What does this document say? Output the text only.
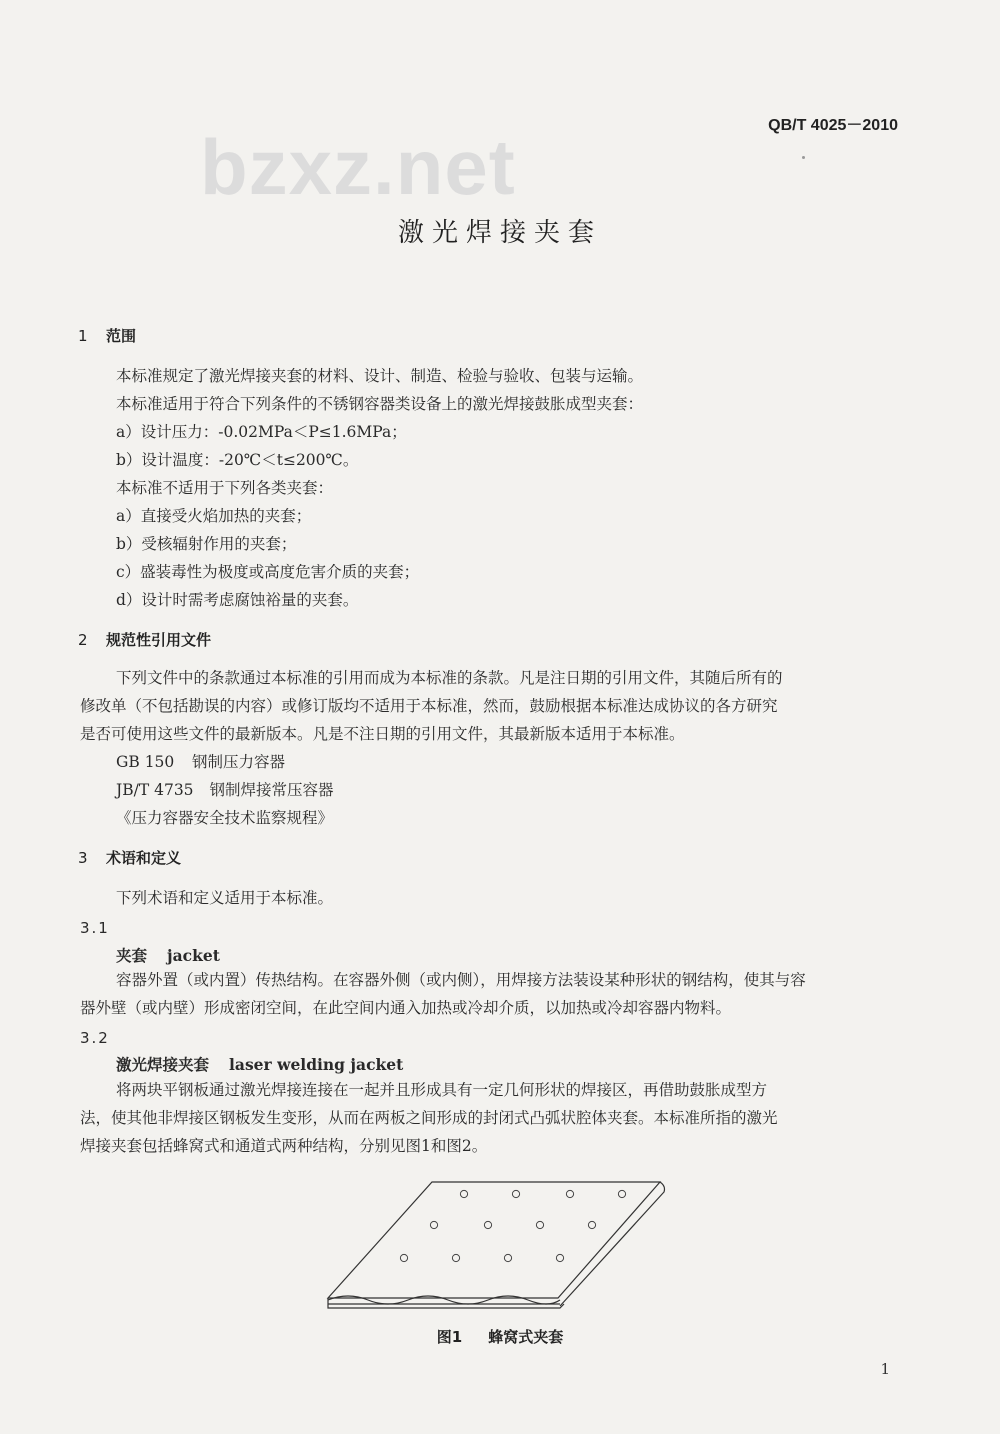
bzxz.net	QB/T 4025－2010
激光焊接夹套
1 范围
本标准规定了激光焊接夹套的材料、设计、制造、检验与验收、包装与运输。
本标准适用于符合下列条件的不锈钢容器类设备上的激光焊接鼓胀成型夹套：
a）设计压力：-0.02MPa＜P≤1.6MPa；
b）设计温度：-20℃＜t≤200℃。
本标准不适用于下列各类夹套：
a）直接受火焰加热的夹套；
b）受核辐射作用的夹套；
c）盛装毒性为极度或高度危害介质的夹套；
d）设计时需考虑腐蚀裕量的夹套。
2 规范性引用文件
下列文件中的条款通过本标准的引用而成为本标准的条款。凡是注日期的引用文件，其随后所有的
修改单（不包括勘误的内容）或修订版均不适用于本标准，然而，鼓励根据本标准达成协议的各方研究
是否可使用这些文件的最新版本。凡是不注日期的引用文件，其最新版本适用于本标准。
GB 150 钢制压力容器
JB/T 4735 钢制焊接常压容器
《压力容器安全技术监察规程》
3 术语和定义
下列术语和定义适用于本标准。
3.1
夹套 jacket
容器外置（或内置）传热结构。在容器外侧（或内侧），用焊接方法装设某种形状的钢结构，使其与容
器外壁（或内壁）形成密闭空间，在此空间内通入加热或冷却介质，以加热或冷却容器内物料。
3.2
激光焊接夹套 laser welding jacket
将两块平钢板通过激光焊接连接在一起并且形成具有一定几何形状的焊接区，再借助鼓胀成型方
法，使其他非焊接区钢板发生变形，从而在两板之间形成的封闭式凸弧状腔体夹套。本标准所指的激光
焊接夹套包括蜂窝式和通道式两种结构，分别见图1和图2。
图1 蜂窝式夹套
1
